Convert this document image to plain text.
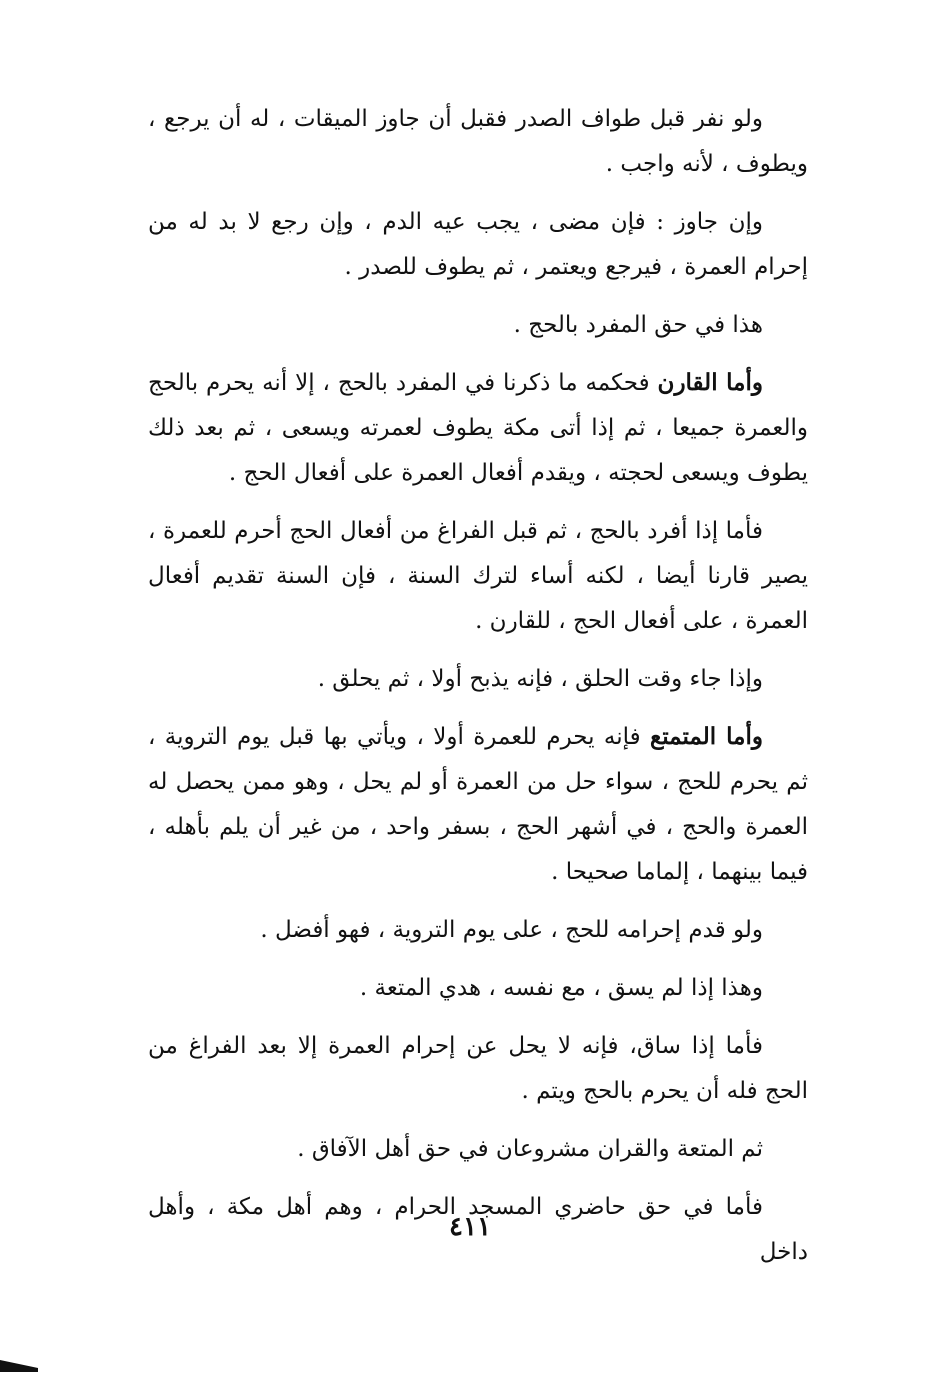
ولو نفر قبل طواف الصدر فقبل أن جاوز الميقات ، له أن يرجع ، ويطوف ، لأنه واجب .

وإن جاوز : فإن مضى ، يجب عيه الدم ، وإن رجع لا بد له من إحرام العمرة ، فيرجع ويعتمر ، ثم يطوف للصدر .

هذا في حق المفرد بالحج .

وأما القارن فحكمه ما ذكرنا في المفرد بالحج ، إلا أنه يحرم بالحج والعمرة جميعا ، ثم إذا أتى مكة يطوف لعمرته ويسعى ، ثم بعد ذلك يطوف ويسعى لحجته ، ويقدم أفعال العمرة على أفعال الحج .

فأما إذا أفرد بالحج ، ثم قبل الفراغ من أفعال الحج أحرم للعمرة ، يصير قارنا أيضا ، لكنه أساء لترك السنة ، فإن السنة تقديم أفعال العمرة ، على أفعال الحج ، للقارن .

وإذا جاء وقت الحلق ، فإنه يذبح أولا ، ثم يحلق .

وأما المتمتع فإنه يحرم للعمرة أولا ، ويأتي بها قبل يوم التروية ، ثم يحرم للحج ، سواء حل من العمرة أو لم يحل ، وهو ممن يحصل له العمرة والحج ، في أشهر الحج ، بسفر واحد ، من غير أن يلم بأهله ، فيما بينهما ، إلماما صحيحا .

ولو قدم إحرامه للحج ، على يوم التروية ، فهو أفضل .

وهذا إذا لم يسق ، مع نفسه ، هدي المتعة .

فأما إذا ساق، فإنه لا يحل عن إحرام العمرة إلا بعد الفراغ من الحج فله أن يحرم بالحج ويتم .

ثم المتعة والقران مشروعان في حق أهل الآفاق .

فأما في حق حاضري المسجد الحرام ، وهم أهل مكة ، وأهل داخل

٤١١
